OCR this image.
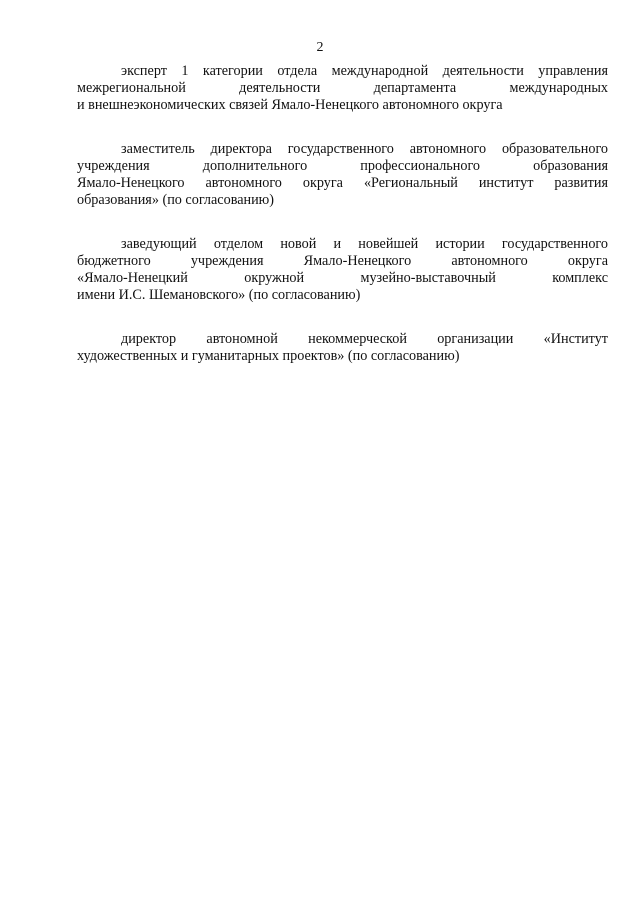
2
эксперт 1 категории отдела международной деятельности управления
межрегиональной деятельности департамента международных
и внешнеэкономических связей Ямало-Ненецкого автономного округа
заместитель директора государственного автономного образовательного
учреждения дополнительного профессионального образования
Ямало-Ненецкого автономного округа «Региональный институт развития
образования» (по согласованию)
заведующий отделом новой и новейшей истории государственного
бюджетного учреждения Ямало-Ненецкого автономного округа
«Ямало-Ненецкий окружной музейно-выставочный комплекс
имени И.С. Шемановского» (по согласованию)
директор автономной некоммерческой организации «Институт
художественных и гуманитарных проектов» (по согласованию)
